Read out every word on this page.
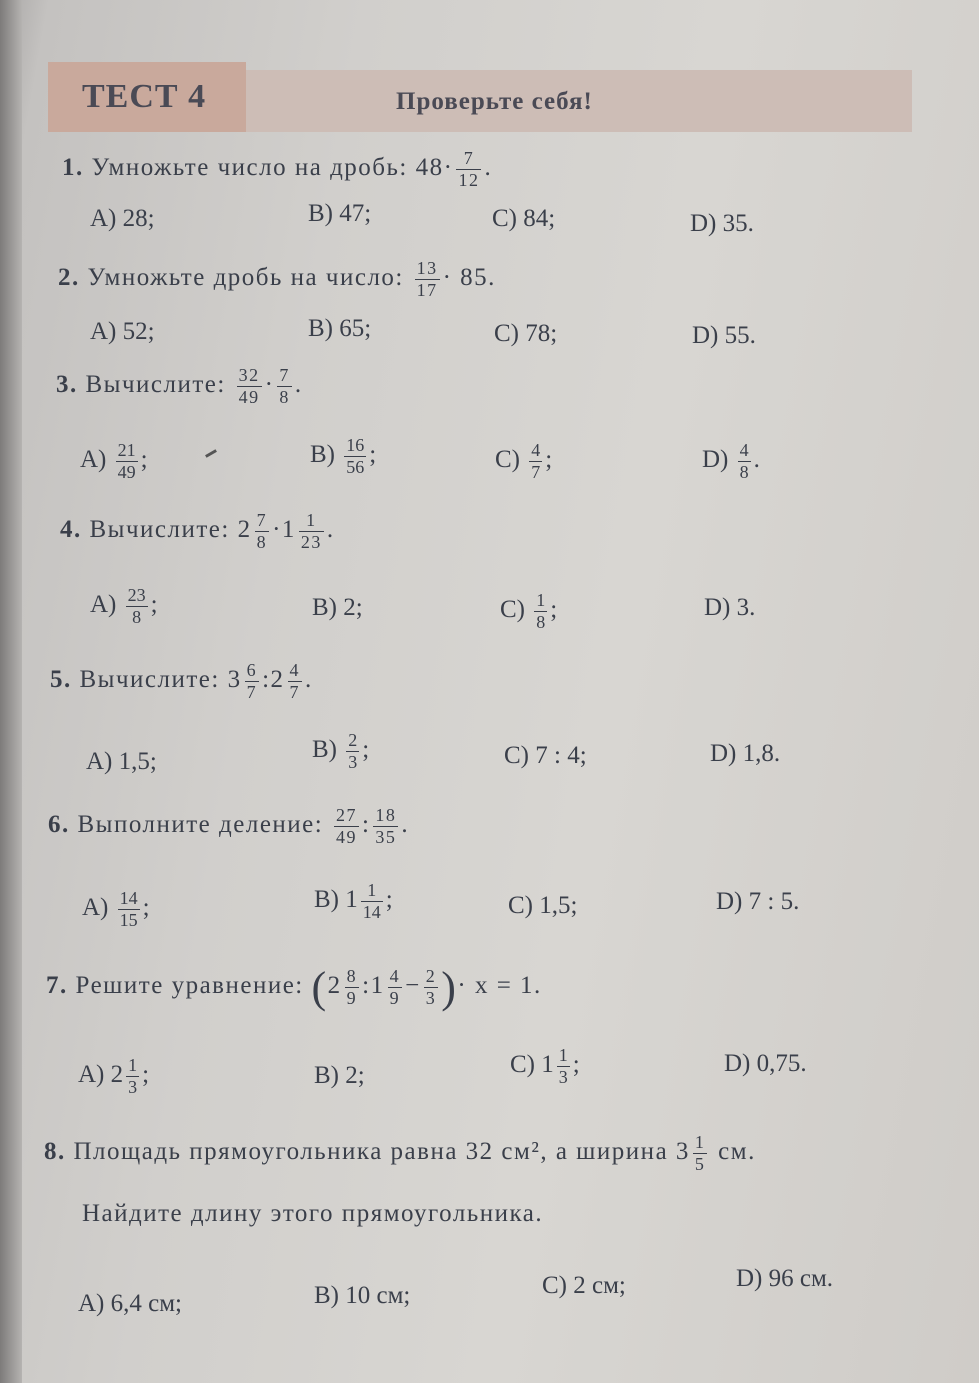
ТЕСТ 4	Проверьте себя!
1. Умножьте число на дробь: $48\cdot \frac{7}{12}$ .
A) 28;	B) 47;	C) 84;	D) 35.
2. Умножьте дробь на число: $\frac{13}{17} \cdot 85$.
A) 52;	B) 65;	C) 78;	D) 55.
3. Вычислите: $\frac{32}{49} \cdot \frac{7}{8}$ .
$A) \frac{21}{49}$ ;	$B) \frac{16}{56}$ ;	$C) \frac{4}{7}$ ;	$D) \frac{4}{8}$ .
4. Вычислите: $2 \frac{7}{8} \cdot 1 \frac{1}{23}$ .
$A) \frac{23}{8}$ ;	B) 2;	$C) \frac{1}{8}$ ;	D) 3.
5. Вычислите: $3 \frac{6}{7}$ :2 $\frac{4}{7}$ .
A) 1,5;	$B) \frac{2}{3}$ ;	C) 7 : 4;	D) 1,8.
6. Выполните деление: $\frac{27}{49}$ : $\frac{18}{35}$ .
$A) \frac{14}{15}$ ;	B) $1 \frac{1}{14}$ ;	C) 1,5;	D) 7 : 5.
7. Решите уравнение: ($2 \frac{8}{9}$ :1 $\frac{4}{9} - \frac{2}{3}$ )· x = 1.
A) $2 \frac{1}{3}$ ;	B) 2;	C) $1 \frac{1}{3}$ ;	D) 0,75.
8. Площадь прямоугольника равна 32 см², а ширина $3 \frac{1}{5}$ см.
Найдите длину этого прямоугольника.
A) 6,4 см;	B) 10 см;	C) 2 см;	D) 96 см.
